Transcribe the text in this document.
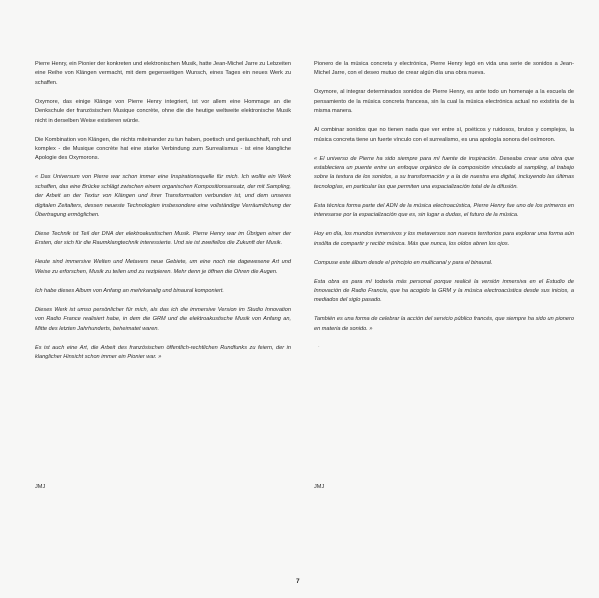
Pierre Henry, ein Pionier der konkreten und elektronischen Musik, hatte Jean-Michel Jarre zu Lebzeiten eine Reihe von Klängen vermacht, mit dem gegenseitigen Wunsch, eines Tages ein neues Werk zu schaffen.

Oxymore, das einige Klänge von Pierre Henry integriert, ist vor allem eine Hommage an die Denkschule der französischen Musique concrète, ohne die die heutige weltweite elektronische Musik nicht in derselben Weise existieren würde.

Die Kombination von Klängen, die nichts miteinander zu tun haben, poetisch und geräuschhaft, roh und komplex - die Musique concrète hat eine starke Verbindung zum Surrealismus - ist eine klangliche Apologie des Oxymorons.

« Das Universum von Pierre war schon immer eine Inspirationsquelle für mich. Ich wollte ein Werk schaffen, das eine Brücke schlägt zwischen einem organischen Kompositionsansatz, der mit Sampling, der Arbeit an der Textur von Klängen und ihrer Transformation verbunden ist, und dem unseres digitalen Zeitalters, dessen neueste Technologien insbesondere eine vollständige Verräumlichung der Übertragung ermöglichen.

Diese Technik ist Teil der DNA der elektroakustischen Musik. Pierre Henry war im Übrigen einer der Ersten, der sich für die Raumklangtechnik interessierte. Und sie ist zweifellos die Zukunft der Musik.

Heute sind immersive Welten und Metavers neue Gebiete, um eine noch nie dagewesene Art und Weise zu erforschen, Musik zu teilen und zu rezipieren. Mehr denn je öffnen die Ohren die Augen.

Ich habe dieses Album von Anfang an mehrkanalig und binaural komponiert.

Dieses Werk ist umso persönlicher für mich, als das ich die immersive Version im Studio Innovation von Radio France realisiert habe, in dem die GRM und die elektroakustische Musik von Anfang an, Mitte des letzten Jahrhunderts, beheimatet waren.

Es ist auch eine Art, die Arbeit des französischen öffentlich-rechtlichen Rundfunks zu feiern, der in klanglicher Hinsicht schon immer ein Pionier war. »

JMJ

Pionero de la música concreta y electrónica, Pierre Henry legó en vida una serie de sonidos a Jean-Michel Jarre, con el deseo mutuo de crear algún día una obra nueva.

Oxymore, al integrar determinados sonidos de Pierre Henry, es ante todo un homenaje a la escuela de pensamiento de la música concreta francesa, sin la cual la música electrónica actual no existiría de la misma manera.

Al combinar sonidos que no tienen nada que ver entre sí, poéticos y ruidosos, brutos y complejos, la música concreta tiene un fuerte vínculo con el surrealismo, es una apología sonora del oxímoron.

« El universo de Pierre ha sido siempre para mí fuente de inspiración. Deseaba crear una obra que estableciera un puente entre un enfoque orgánico de la composición vinculado al sampling, al trabajo sobre la textura de los sonidos, a su transformación y a la de nuestra era digital, incluyendo las últimas tecnologías, en particular las que permiten una espacialización total de la difusión.

Esta técnica forma parte del ADN de la música electroacústica, Pierre Henry fue uno de los primeros en interesarse por la espacialización que es, sin lugar a dudas, el futuro de la música.

Hoy en día, los mundos inmersivos y los metaversos son nuevos territorios para explorar una forma aún insólita de compartir y recibir música. Más que nunca, los oídos abren los ojos.

Compuse este álbum desde el principio en multicanal y para el binaural.

Esta obra es para mí todavía más personal porque realicé la versión inmersiva en el Estudio de Innovación de Radio Francia, que ha acogido la GRM y la música electroacústica desde sus inicios, a mediados del siglo pasado.

También es una forma de celebrar la acción del servicio público francés, que siempre ha sido un pionero en materia de sonido. »

JMJ
·
7
